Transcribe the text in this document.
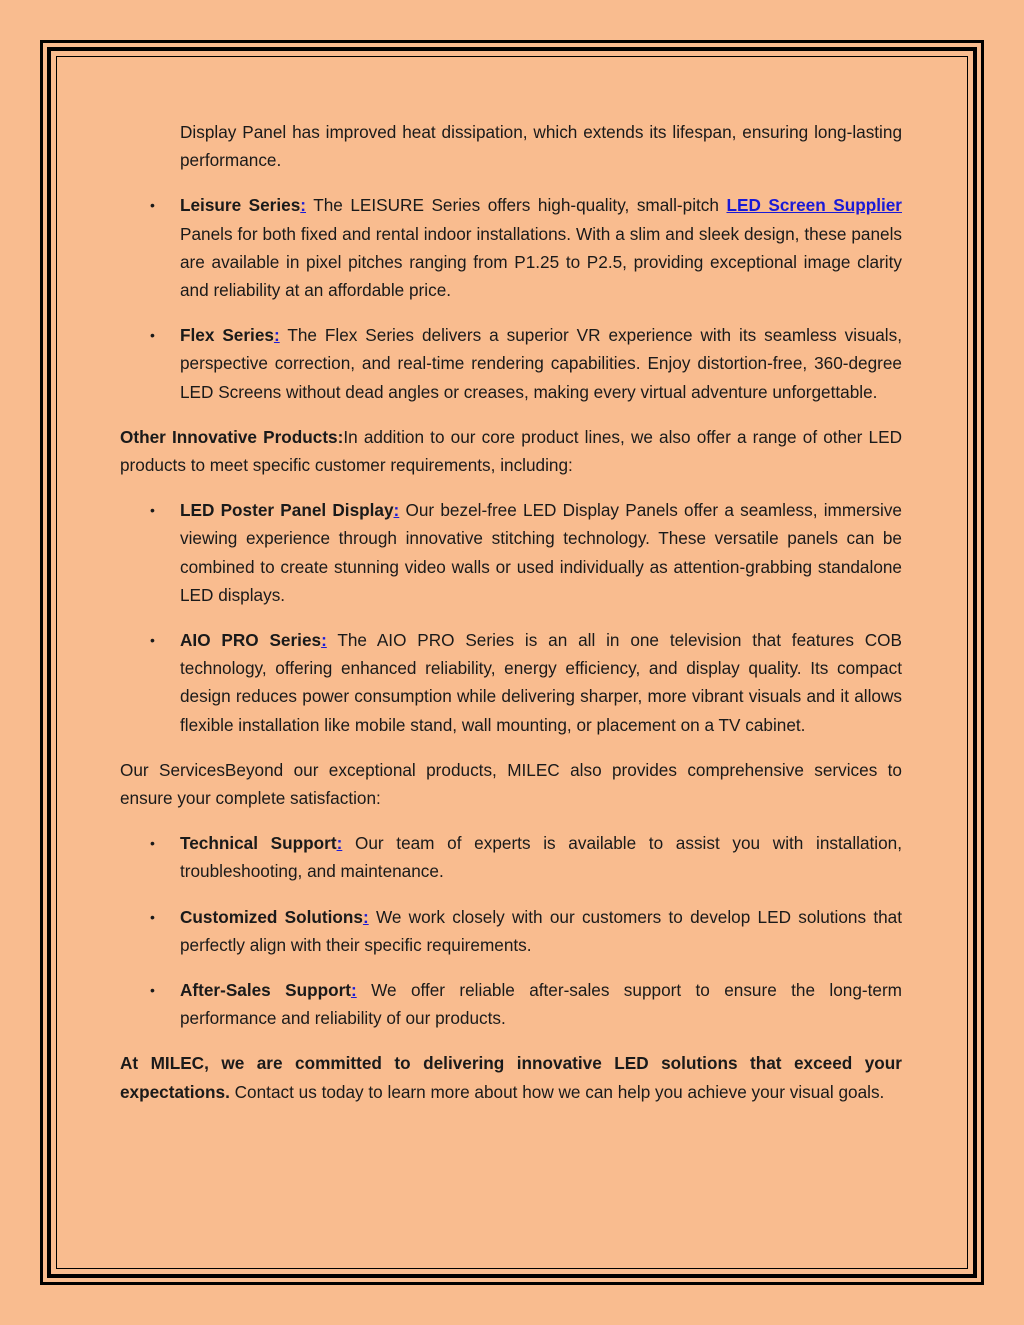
Display Panel has improved heat dissipation, which extends its lifespan, ensuring long-lasting performance.

• Leisure Series: The LEISURE Series offers high-quality, small-pitch LED Screen Supplier Panels for both fixed and rental indoor installations. With a slim and sleek design, these panels are available in pixel pitches ranging from P1.25 to P2.5, providing exceptional image clarity and reliability at an affordable price.
• Flex Series: The Flex Series delivers a superior VR experience with its seamless visuals, perspective correction, and real-time rendering capabilities. Enjoy distortion-free, 360-degree LED Screens without dead angles or creases, making every virtual adventure unforgettable.

Other Innovative Products:In addition to our core product lines, we also offer a range of other LED products to meet specific customer requirements, including:

• LED Poster Panel Display: Our bezel-free LED Display Panels offer a seamless, immersive viewing experience through innovative stitching technology. These versatile panels can be combined to create stunning video walls or used individually as attention-grabbing standalone LED displays.
• AIO PRO Series: The AIO PRO Series is an all in one television that features COB technology, offering enhanced reliability, energy efficiency, and display quality. Its compact design reduces power consumption while delivering sharper, more vibrant visuals and it allows flexible installation like mobile stand, wall mounting, or placement on a TV cabinet.

Our ServicesBeyond our exceptional products, MILEC also provides comprehensive services to ensure your complete satisfaction:

• Technical Support: Our team of experts is available to assist you with installation, troubleshooting, and maintenance.
• Customized Solutions: We work closely with our customers to develop LED solutions that perfectly align with their specific requirements.
• After-Sales Support: We offer reliable after-sales support to ensure the long-term performance and reliability of our products.

At MILEC, we are committed to delivering innovative LED solutions that exceed your expectations. Contact us today to learn more about how we can help you achieve your visual goals.
